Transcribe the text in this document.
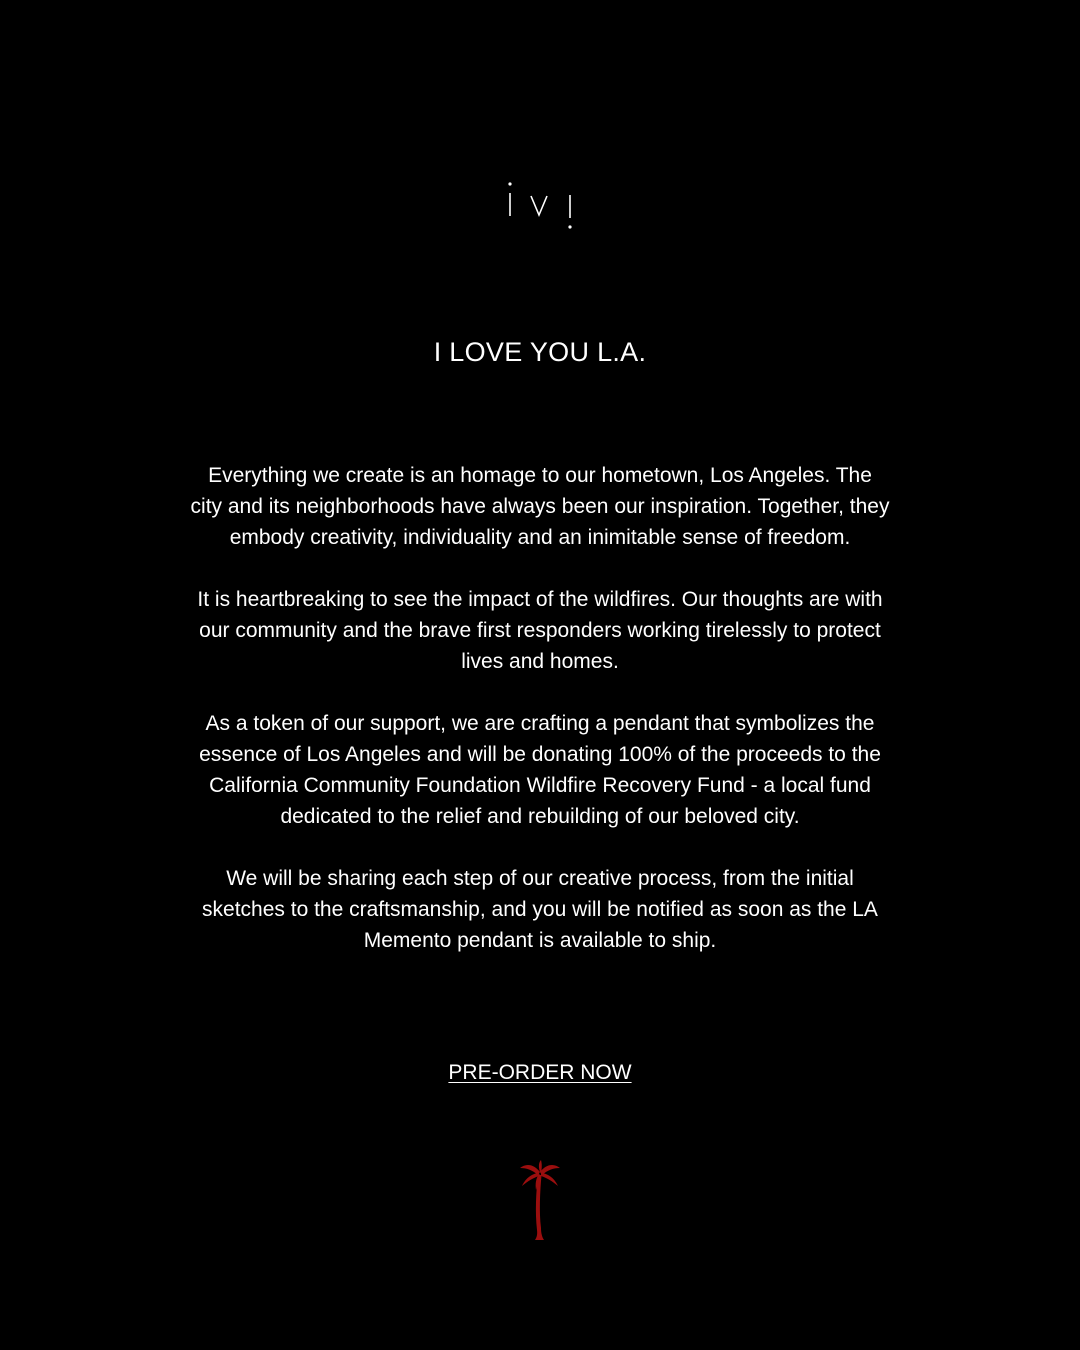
I LOVE YOU L.A.

Everything we create is an homage to our hometown, Los Angeles. The city and its neighborhoods have always been our inspiration. Together, they embody creativity, individuality and an inimitable sense of freedom.

It is heartbreaking to see the impact of the wildfires. Our thoughts are with our community and the brave first responders working tirelessly to protect lives and homes.

As a token of our support, we are crafting a pendant that symbolizes the essence of Los Angeles and will be donating 100% of the proceeds to the California Community Foundation Wildfire Recovery Fund - a local fund dedicated to the relief and rebuilding of our beloved city.

We will be sharing each step of our creative process, from the initial sketches to the craftsmanship, and you will be notified as soon as the LA Memento pendant is available to ship.

PRE-ORDER NOW
